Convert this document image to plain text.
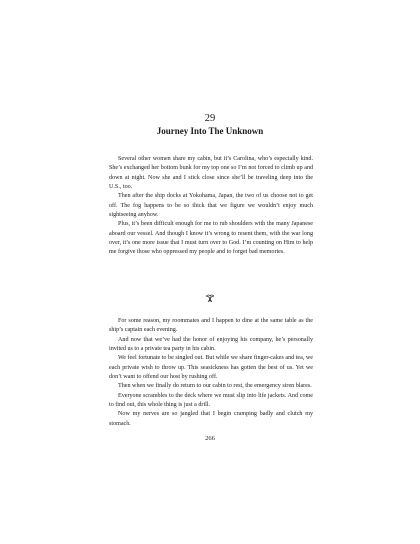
29
Journey Into The Unknown

Several other women share my cabin, but it’s Carolina, who’s especially kind. She’s exchanged her bottom bunk for my top one so I’m not forced to climb up and down at night. Now she and I stick close since she’ll be traveling deep into the U.S., too.

Then after the ship docks at Yokohama, Japan, the two of us choose not to get off. The fog happens to be so thick that we figure we wouldn’t enjoy much sightseeing anyhow.

Plus, it’s been difficult enough for me to rub shoulders with the many Japanese aboard our vessel. And though I know it’s wrong to resent them, with the war long over, it’s one more issue that I must turn over to God. I’m counting on Him to help me forgive those who oppressed my people and to forget bad memories.

For some reason, my roommates and I happen to dine at the same table as the ship’s captain each evening.

And now that we’ve had the honor of enjoying his company, he’s personally invited us to a private tea party in his cabin.

We feel fortunate to be singled out. But while we share finger-cakes and tea, we each private wish to throw up. This seasickness has gotten the best of us. Yet we don’t want to offend our host by rushing off.

Then when we finally do return to our cabin to rest, the emergency siren blares.

Everyone scrambles to the deck where we must slip into life jackets. And come to find out, this whole thing is just a drill.

Now my nerves are so jangled that I begin cramping badly and clutch my stomach.

266
